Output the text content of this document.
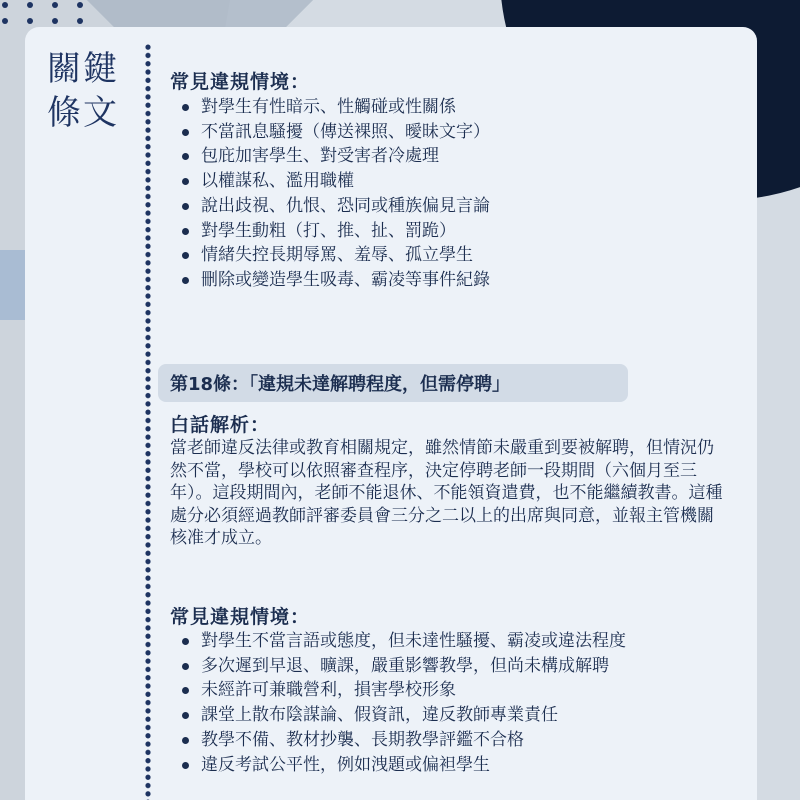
關鍵
條文
常見違規情境：
對學生有性暗示、性觸碰或性關係
不當訊息騷擾（傳送裸照、曖昧文字）
包庇加害學生、對受害者冷處理
以權謀私、濫用職權
說出歧視、仇恨、恐同或種族偏見言論
對學生動粗（打、推、扯、罰跪）
情緒失控長期辱罵、羞辱、孤立學生
刪除或變造學生吸毒、霸凌等事件紀錄
第18條：「違規未達解聘程度，但需停聘」
白話解析：

當老師違反法律或教育相關規定，雖然情節未嚴重到要被解聘，但情況仍然不當，學校可以依照審查程序，決定停聘老師一段期間（六個月至三年）。這段期間內，老師不能退休、不能領資遣費，也不能繼續教書。這種處分必須經過教師評審委員會三分之二以上的出席與同意，並報主管機關核准才成立。

常見違規情境：
對學生不當言語或態度，但未達性騷擾、霸凌或違法程度
多次遲到早退、曠課，嚴重影響教學，但尚未構成解聘
未經許可兼職營利，損害學校形象
課堂上散布陰謀論、假資訊，違反教師專業責任
教學不備、教材抄襲、長期教學評鑑不合格
違反考試公平性，例如洩題或偏袒學生
